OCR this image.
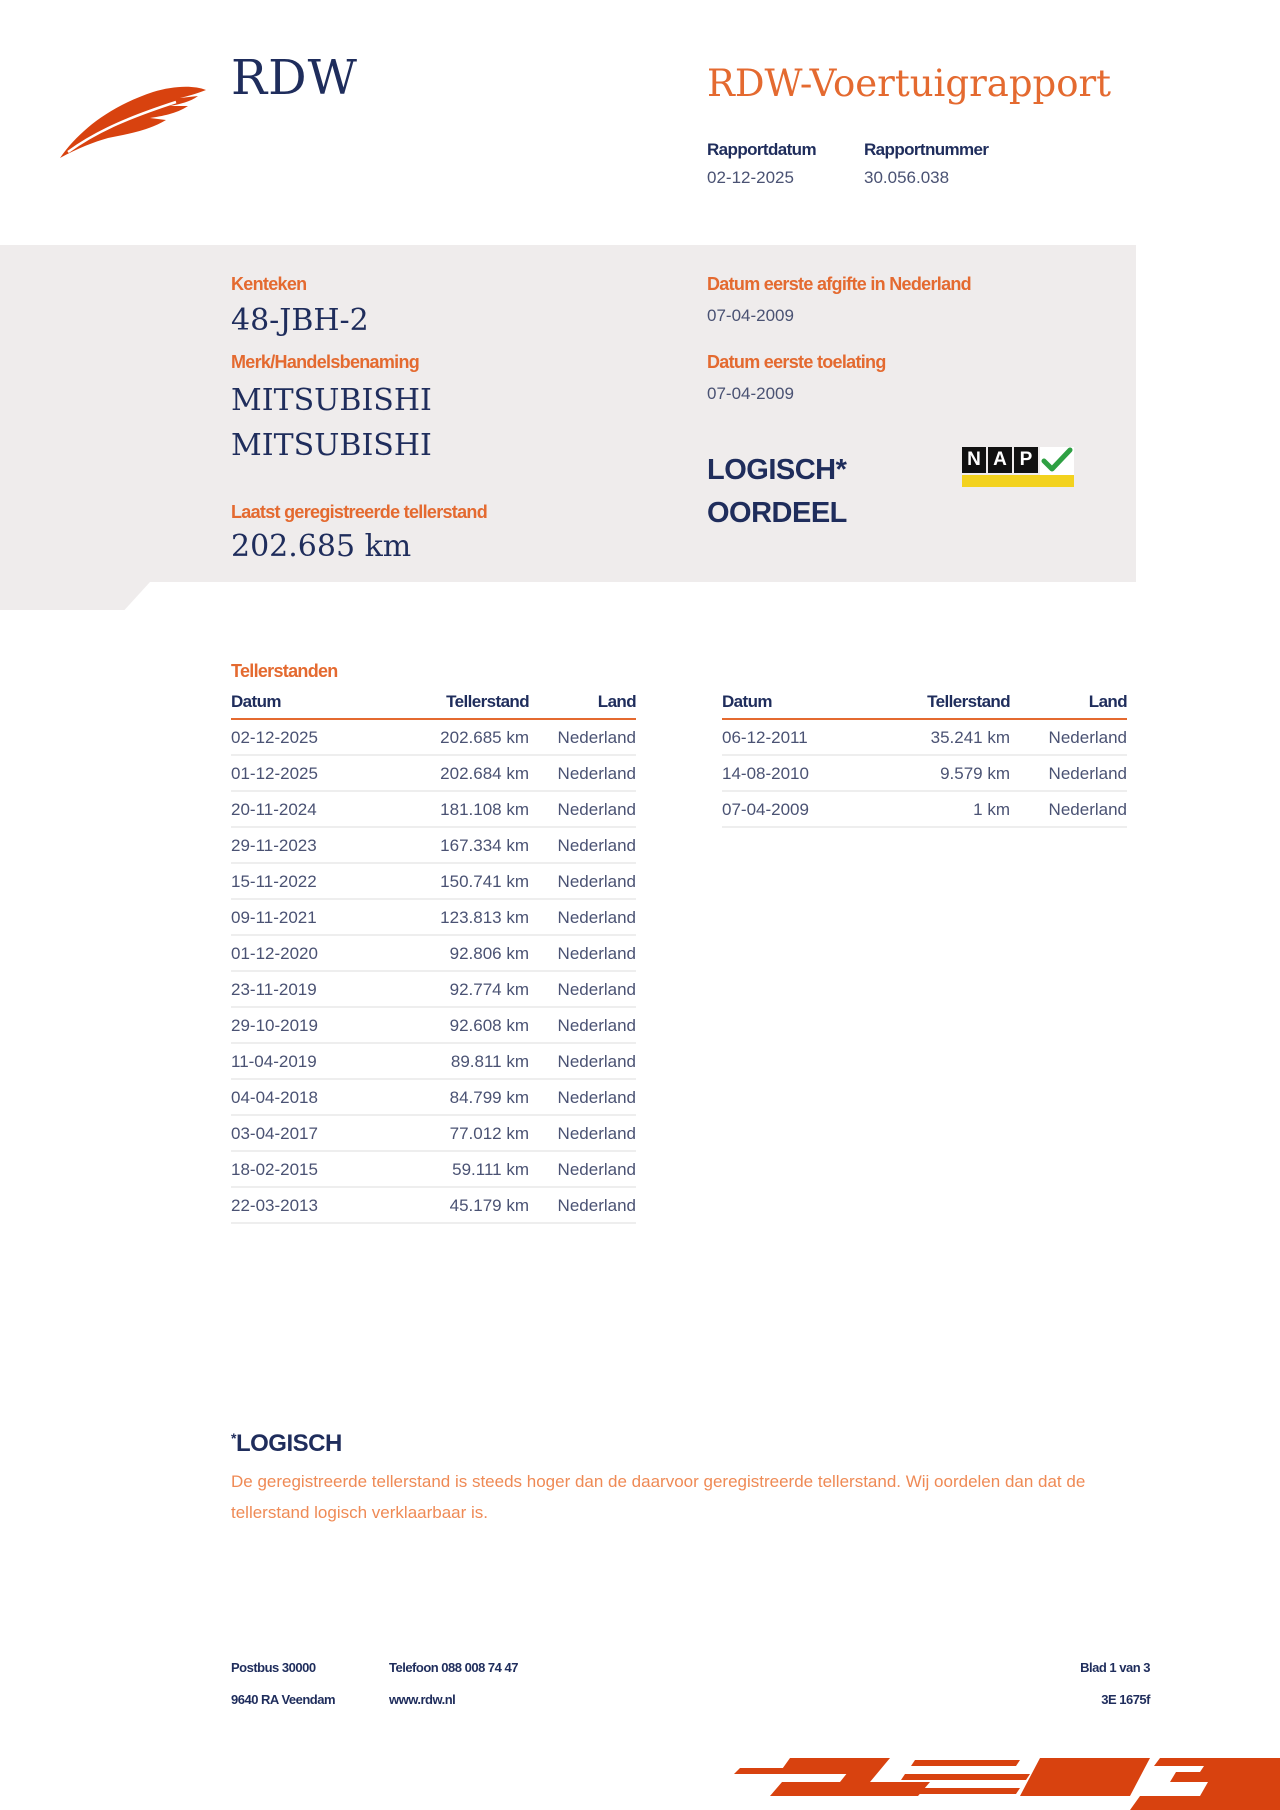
RDW	RDW-Voertuigrapport
Rapportdatum
02-12-2025
Rapportnummer
30.056.038
Kenteken
48-JBH-2
Merk/Handelsbenaming
MITSUBISHI
MITSUBISHI
Laatst geregistreerde tellerstand
202.685 km
Datum eerste afgifte in Nederland
07-04-2009
Datum eerste toelating
07-04-2009
LOGISCH*
OORDEEL
N A P
Tellerstanden
Datum	Tellerstand	Land
02-12-2025	202.685 km	Nederland
01-12-2025	202.684 km	Nederland
20-11-2024	181.108 km	Nederland
29-11-2023	167.334 km	Nederland
15-11-2022	150.741 km	Nederland
09-11-2021	123.813 km	Nederland
01-12-2020	92.806 km	Nederland
23-11-2019	92.774 km	Nederland
29-10-2019	92.608 km	Nederland
11-04-2019	89.811 km	Nederland
04-04-2018	84.799 km	Nederland
03-04-2017	77.012 km	Nederland
18-02-2015	59.111 km	Nederland
22-03-2013	45.179 km	Nederland
Datum	Tellerstand	Land
06-12-2011	35.241 km	Nederland
14-08-2010	9.579 km	Nederland
07-04-2009	1 km	Nederland
*LOGISCH
De geregistreerde tellerstand is steeds hoger dan de daarvoor geregistreerde tellerstand. Wij oordelen dan dat de tellerstand logisch verklaarbaar is.
Postbus 30000
9640 RA Veendam
Telefoon 088 008 74 47
www.rdw.nl
Blad 1 van 3
3E 1675f
